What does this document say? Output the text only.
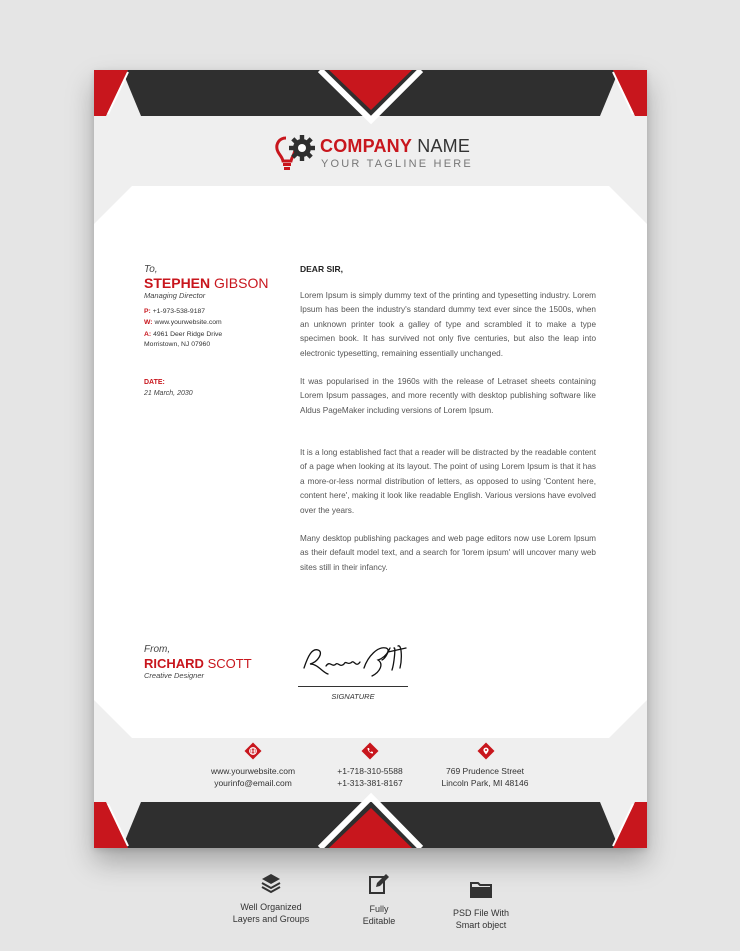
COMPANY NAME
YOUR TAGLINE HERE
To,
STEPHEN GIBSON
Managing Director
P: +1-973-538-9187
W: www.yourwebsite.com
A: 4961 Deer Ridge Drive
Morristown, NJ 07960
DATE:
21 March, 2030
DEAR SIR,
Lorem Ipsum is simply dummy text of the printing and typesetting industry. Lorem Ipsum has been the industry's standard dummy text ever since the 1500s, when an unknown printer took a galley of type and scrambled it to make a type specimen book. It has survived not only five centuries, but also the leap into electronic typesetting, remaining essentially unchanged.
It was popularised in the 1960s with the release of Letraset sheets containing Lorem Ipsum passages, and more recently with desktop publishing software like Aldus PageMaker including versions of Lorem Ipsum.
It is a long established fact that a reader will be distracted by the readable content of a page when looking at its layout. The point of using Lorem Ipsum is that it has a more-or-less normal distribution of letters, as opposed to using 'Content here, content here', making it look like readable English. Various versions have evolved over the years.
Many desktop publishing packages and web page editors now use Lorem Ipsum as their default model text, and a search for 'lorem ipsum' will uncover many web sites still in their infancy.
From,
RICHARD SCOTT
Creative Designer
SIGNATURE
www.yourwebsite.com
yourinfo@email.com
+1-718-310-5588
+1-313-381-8167
769 Prudence Street
Lincoln Park, MI 48146
Well Organized
Layers and Groups
Fully
Editable
PSD File With
Smart object
